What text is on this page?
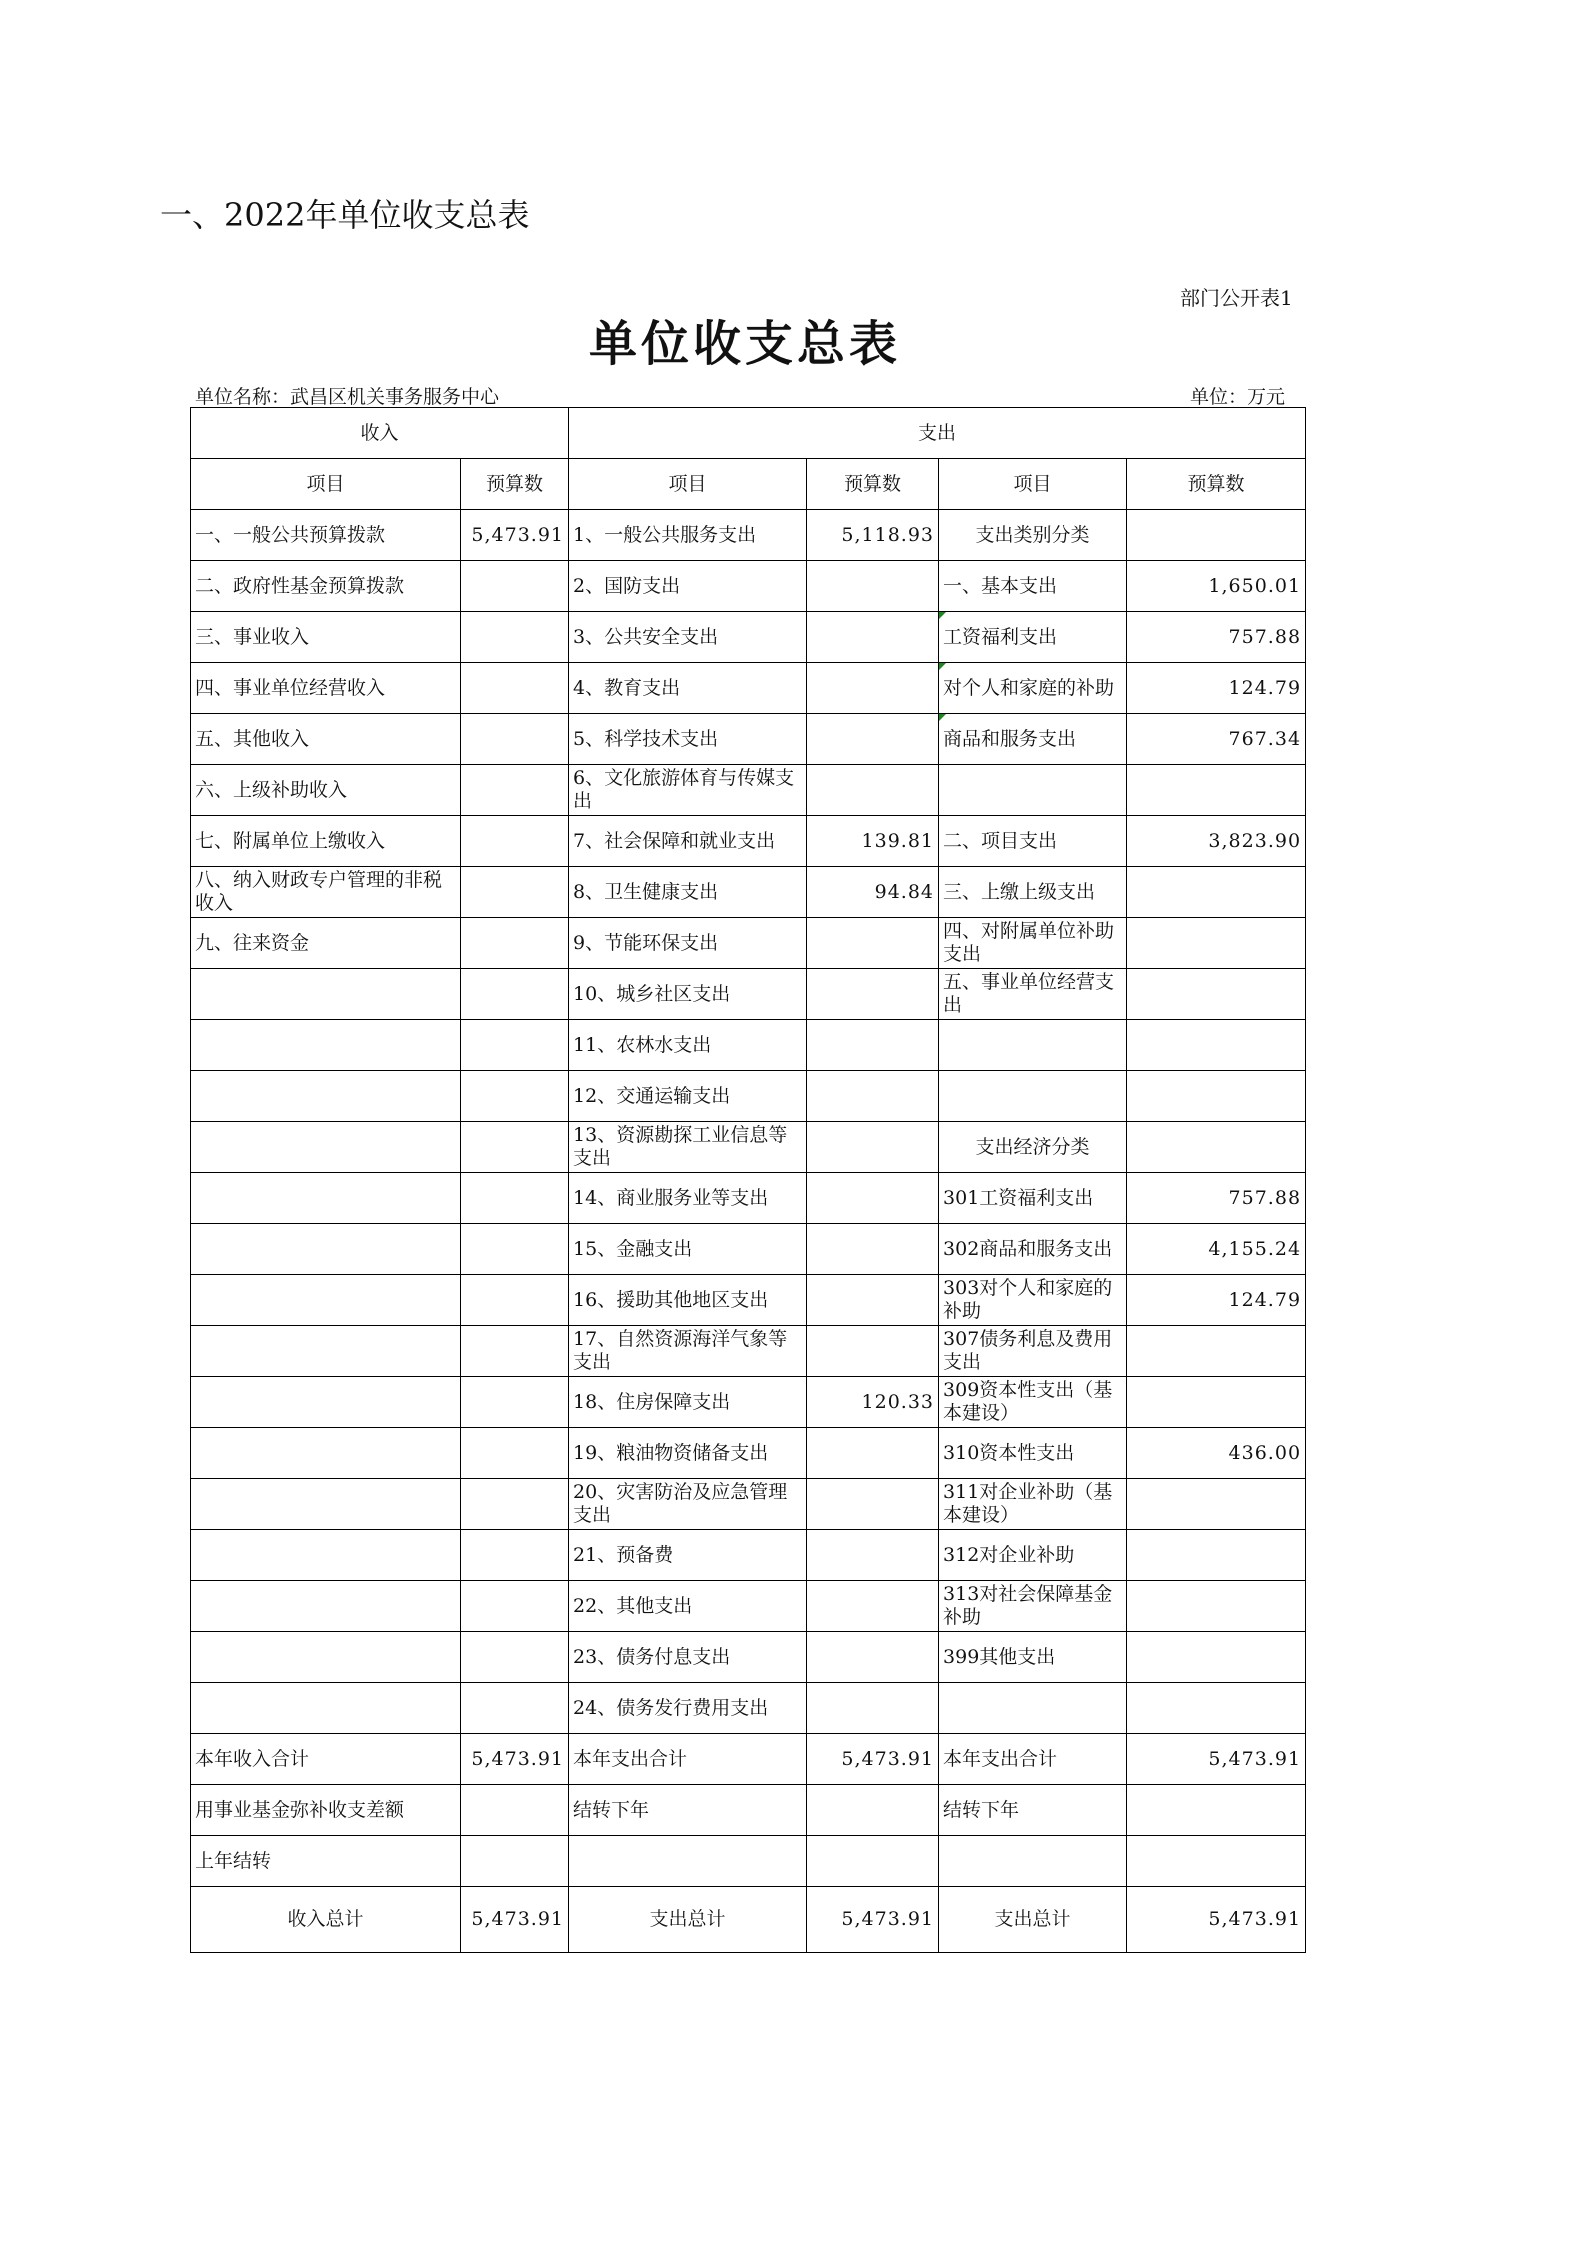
一、2022年单位收支总表
部门公开表1
单位收支总表
单位名称：武昌区机关事务服务中心	单位：万元
收入		支出			
项目	预算数	项目	预算数	项目	预算数
一、一般公共预算拨款	5,473.91	1、一般公共服务支出	5,118.93	支出类别分类	
二、政府性基金预算拨款		2、国防支出		一、基本支出	1,650.01
三、事业收入		3、公共安全支出		工资福利支出	757.88
四、事业单位经营收入		4、教育支出		对个人和家庭的补助	124.79
五、其他收入		5、科学技术支出		商品和服务支出	767.34
六、上级补助收入		6、文化旅游体育与传媒支出			
七、附属单位上缴收入		7、社会保障和就业支出	139.81	二、项目支出	3,823.90
八、纳入财政专户管理的非税收入		8、卫生健康支出	94.84	三、上缴上级支出	
九、往来资金		9、节能环保支出		四、对附属单位补助支出	
		10、城乡社区支出		五、事业单位经营支出	
		11、农林水支出			
		12、交通运输支出			
		13、资源勘探工业信息等支出		支出经济分类	
		14、商业服务业等支出		301工资福利支出	757.88
		15、金融支出		302商品和服务支出	4,155.24
		16、援助其他地区支出		303对个人和家庭的补助	124.79
		17、自然资源海洋气象等支出		307债务利息及费用支出	
		18、住房保障支出	120.33	309资本性支出（基本建设）	
		19、粮油物资储备支出		310资本性支出	436.00
		20、灾害防治及应急管理支出		311对企业补助（基本建设）	
		21、预备费		312对企业补助	
		22、其他支出		313对社会保障基金补助	
		23、债务付息支出		399其他支出	
		24、债务发行费用支出			
本年收入合计	5,473.91	本年支出合计	5,473.91	本年支出合计	5,473.91
用事业基金弥补收支差额		结转下年		结转下年	
上年结转					
收入总计	5,473.91	支出总计	5,473.91	支出总计	5,473.91
